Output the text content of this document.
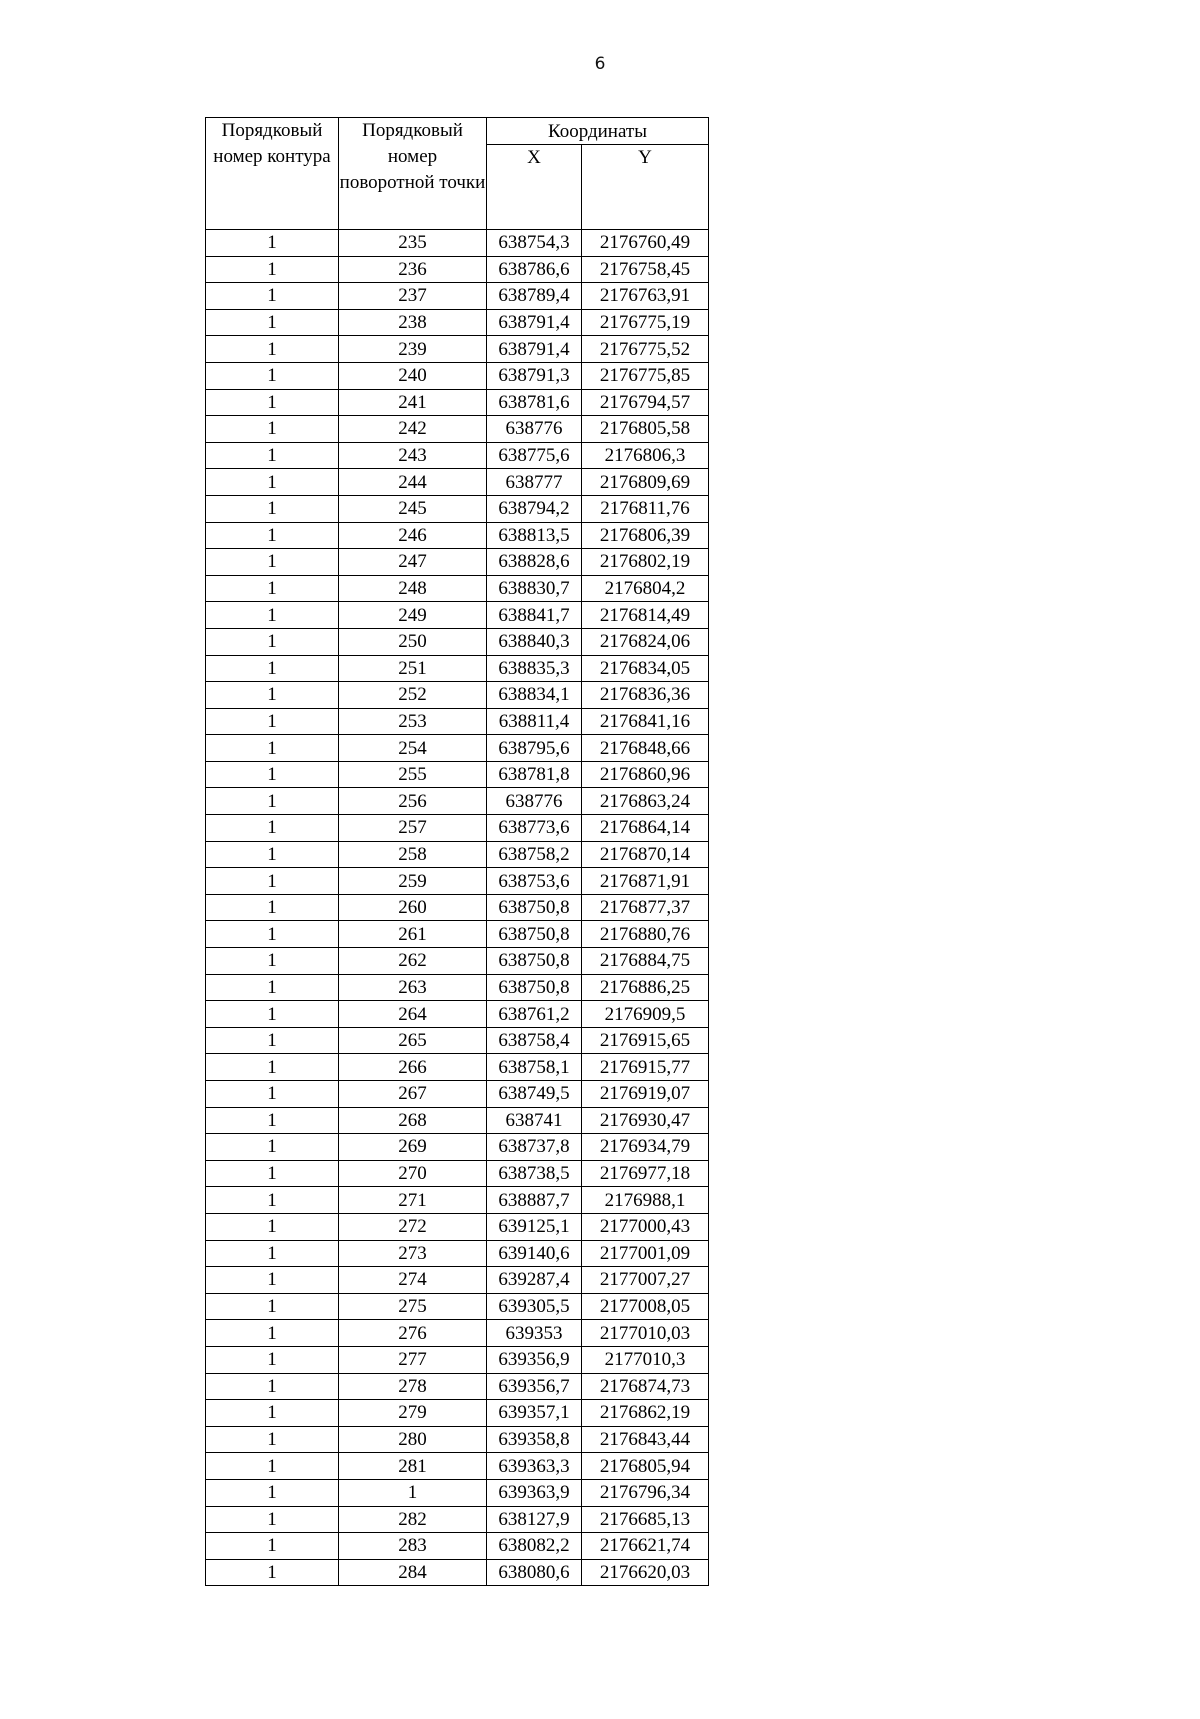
6
Порядковый номер контура	Порядковый номер поворотной точки	Координаты	
		X	Y
1	235	638754,3	2176760,49
1	236	638786,6	2176758,45
1	237	638789,4	2176763,91
1	238	638791,4	2176775,19
1	239	638791,4	2176775,52
1	240	638791,3	2176775,85
1	241	638781,6	2176794,57
1	242	638776	2176805,58
1	243	638775,6	2176806,3
1	244	638777	2176809,69
1	245	638794,2	2176811,76
1	246	638813,5	2176806,39
1	247	638828,6	2176802,19
1	248	638830,7	2176804,2
1	249	638841,7	2176814,49
1	250	638840,3	2176824,06
1	251	638835,3	2176834,05
1	252	638834,1	2176836,36
1	253	638811,4	2176841,16
1	254	638795,6	2176848,66
1	255	638781,8	2176860,96
1	256	638776	2176863,24
1	257	638773,6	2176864,14
1	258	638758,2	2176870,14
1	259	638753,6	2176871,91
1	260	638750,8	2176877,37
1	261	638750,8	2176880,76
1	262	638750,8	2176884,75
1	263	638750,8	2176886,25
1	264	638761,2	2176909,5
1	265	638758,4	2176915,65
1	266	638758,1	2176915,77
1	267	638749,5	2176919,07
1	268	638741	2176930,47
1	269	638737,8	2176934,79
1	270	638738,5	2176977,18
1	271	638887,7	2176988,1
1	272	639125,1	2177000,43
1	273	639140,6	2177001,09
1	274	639287,4	2177007,27
1	275	639305,5	2177008,05
1	276	639353	2177010,03
1	277	639356,9	2177010,3
1	278	639356,7	2176874,73
1	279	639357,1	2176862,19
1	280	639358,8	2176843,44
1	281	639363,3	2176805,94
1	1	639363,9	2176796,34
1	282	638127,9	2176685,13
1	283	638082,2	2176621,74
1	284	638080,6	2176620,03
